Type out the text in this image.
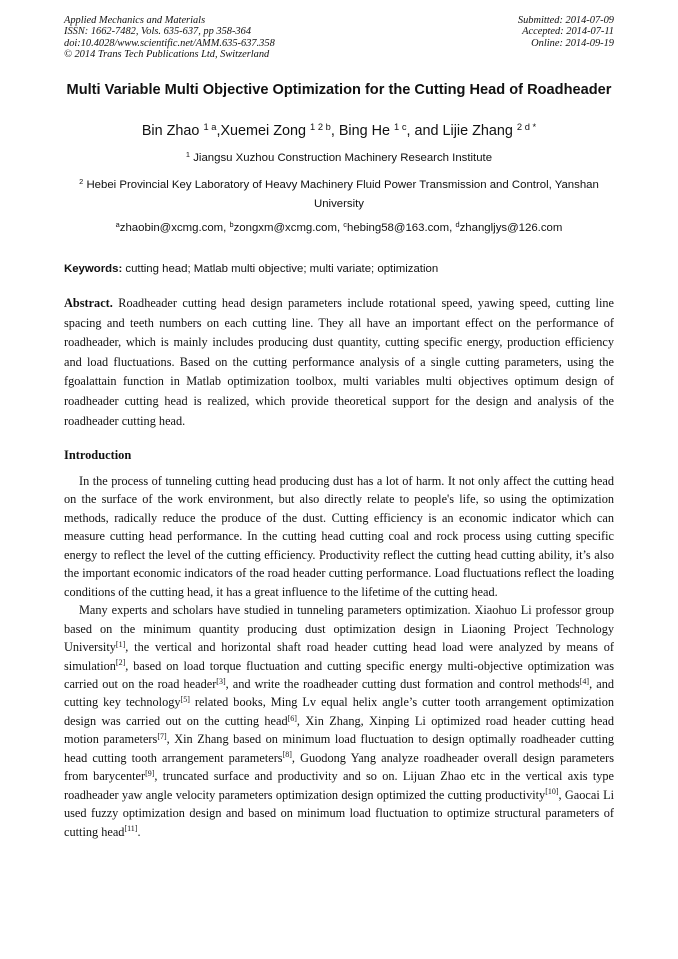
Applied Mechanics and Materials
ISSN: 1662-7482, Vols. 635-637, pp 358-364
doi:10.4028/www.scientific.net/AMM.635-637.358
© 2014 Trans Tech Publications Ltd, Switzerland
Submitted: 2014-07-09
Accepted: 2014-07-11
Online: 2014-09-19
Multi Variable Multi Objective Optimization for the Cutting Head of Roadheader
Bin Zhao $^{1 a}$,Xuemei Zong $^{1 2 b}$, Bing He $^{1 c}$, and Lijie Zhang $^{2 d *}$
$^1$ Jiangsu Xuzhou Construction Machinery Research Institute
$^2$ Hebei Provincial Key Laboratory of Heavy Machinery Fluid Power Transmission and Control, Yanshan University
$^a$zhaobin@xcmg.com, $^b$zongxm@xcmg.com, $^c$hebing58@163.com, $^d$zhangljys@126.com
Keywords: cutting head; Matlab multi objective; multi variate; optimization
Abstract. Roadheader cutting head design parameters include rotational speed, yawing speed, cutting line spacing and teeth numbers on each cutting line. They all have an important effect on the performance of roadheader, which is mainly includes producing dust quantity, cutting specific energy, production efficiency and load fluctuations. Based on the cutting performance analysis of a single cutting parameters, using the fgoalattain function in Matlab optimization toolbox, multi variables multi objectives optimum design of roadheader cutting head is realized, which provide theoretical support for the design and analysis of the roadheader cutting head.
Introduction

In the process of tunneling cutting head producing dust has a lot of harm. It not only affect the cutting head on the surface of the work environment, but also directly relate to people's life, so using the optimization methods, radically reduce the produce of the dust. Cutting efficiency is an economic indicator which can measure cutting head performance. In the cutting head cutting coal and rock process using cutting specific energy to reflect the level of the cutting efficiency. Productivity reflect the cutting head cutting ability, it’s also the important economic indicators of the road header cutting performance. Load fluctuations reflect the loading conditions of the cutting head, it has a great influence to the lifetime of the cutting head.

Many experts and scholars have studied in tunneling parameters optimization. Xiaohuo Li professor group based on the minimum quantity producing dust optimization design in Liaoning Project Technology University[1], the vertical and horizontal shaft road header cutting head load were analyzed by means of simulation[2], based on load torque fluctuation and cutting specific energy multi-objective optimization was carried out on the road header[3], and write the roadheader cutting dust formation and control methods[4], and cutting key technology[5] related books, Ming Lv equal helix angle’s cutter tooth arrangement optimization design was carried out on the cutting head[6], Xin Zhang, Xinping Li optimized road header cutting head motion parameters[7], Xin Zhang based on minimum load fluctuation to design optimally roadheader cutting head cutting tooth arrangement parameters[8], Guodong Yang analyze roadheader overall design parameters from barycenter[9], truncated surface and productivity and so on. Lijuan Zhao etc in the vertical axis type roadheader yaw angle velocity parameters optimization design optimized the cutting productivity[10], Gaocai Li used fuzzy optimization design and based on minimum load fluctuation to optimize structural parameters of cutting head[11].
